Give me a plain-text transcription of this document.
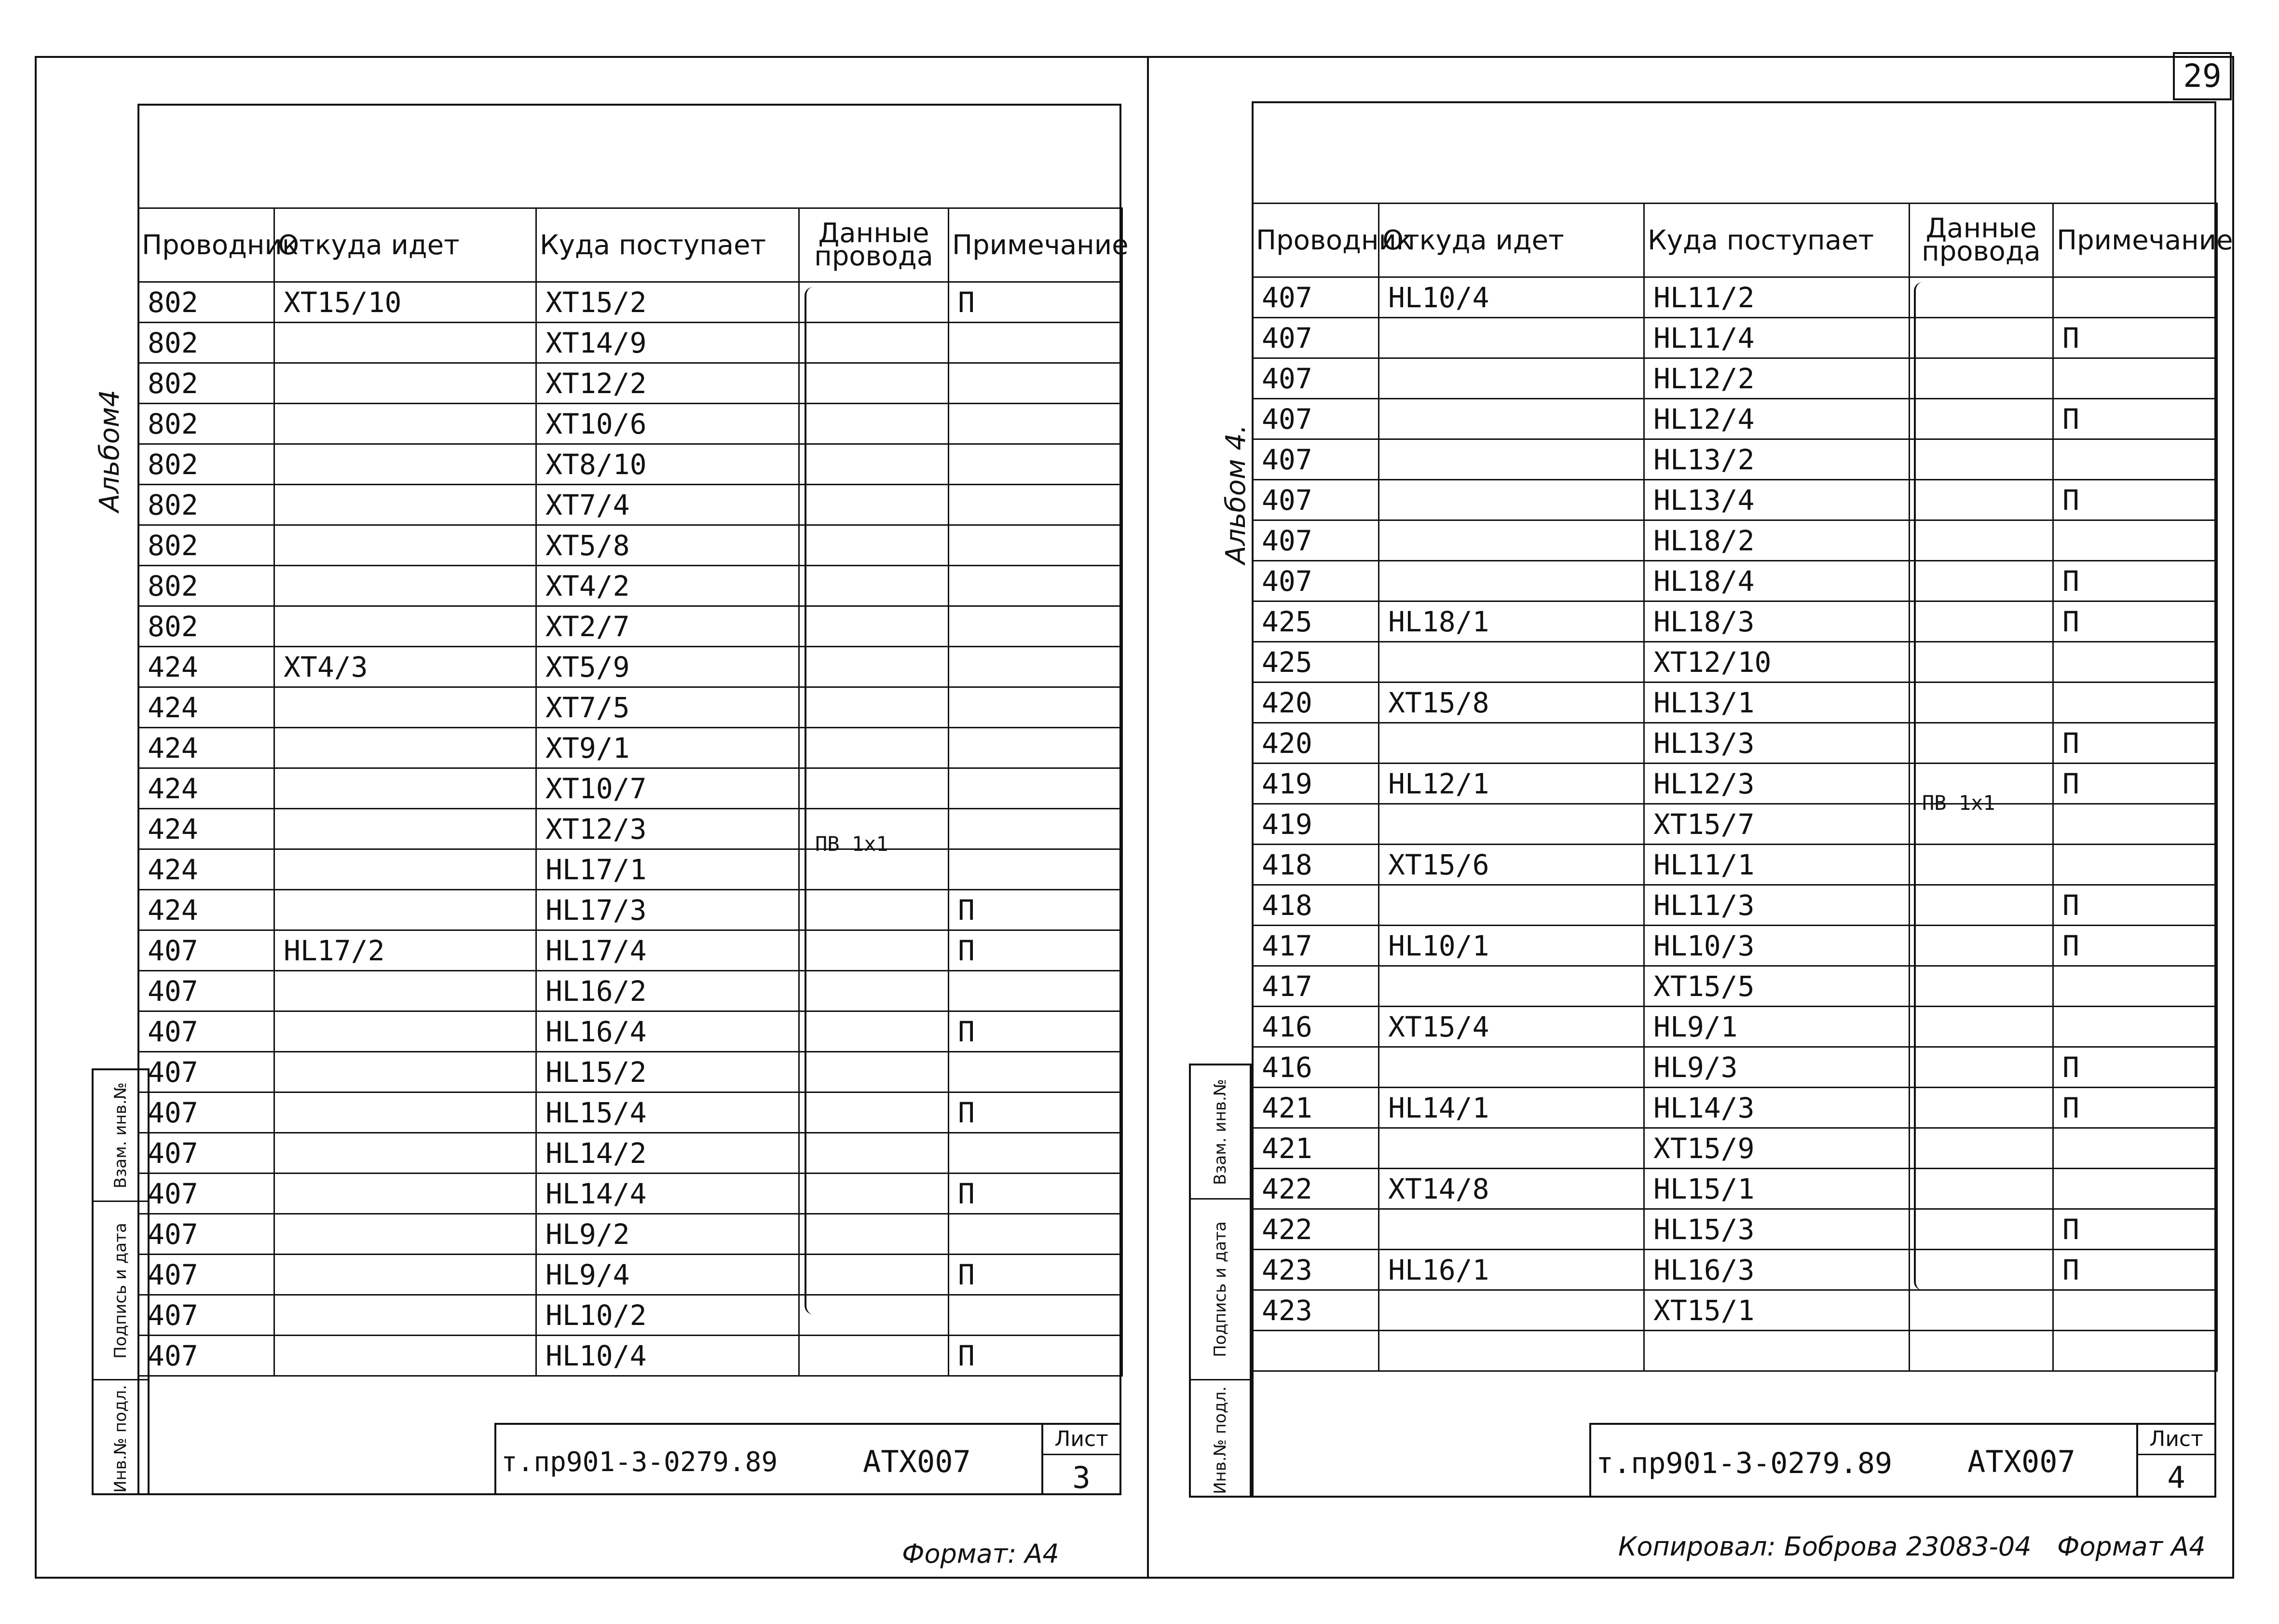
29
Альбом4
Проводник	Откуда идет	Куда поступает	Данные провода	Примечание
802	XT15/10	XT15/2		П
802		XT14/9		
802		XT12/2		
802		XT10/6		
802		XT8/10		
802		XT7/4		
802		XT5/8		
802		XT4/2		
802		XT2/7		
424	XT4/3	XT5/9		
424		XT7/5		
424		XT9/1		
424		XT10/7		
424		XT12/3		
424		HL17/1		
424		HL17/3		П
407	HL17/2	HL17/4		П
407		HL16/2		
407		HL16/4		П
407		HL15/2		
407		HL15/4		П
407		HL14/2		
407		HL14/4		П
407		HL9/2		
407		HL9/4		П
407		HL10/2		
407		HL10/4		П
ПВ 1х1
Взам. инв.№
Подпись и дата
Инв.№ подл.	т.пр901-3-0279.89	АТХ007
Лист
3
Формат: А4
Альбом 4.
Проводник	Откуда идет	Куда поступает	Данные провода	Примечание
407	HL10/4	HL11/2		
407		HL11/4		П
407		HL12/2		
407		HL12/4		П
407		HL13/2		
407		HL13/4		П
407		HL18/2		
407		HL18/4		П
425	HL18/1	HL18/3		П
425		XT12/10		
420	XT15/8	HL13/1		
420		HL13/3		П
419	HL12/1	HL12/3		П
419		XT15/7		
418	XT15/6	HL11/1		
418		HL11/3		П
417	HL10/1	HL10/3		П
417		XT15/5		
416	XT15/4	HL9/1		
416		HL9/3		П
421	HL14/1	HL14/3		П
421		XT15/9		
422	XT14/8	HL15/1		
422		HL15/3		П
423	HL16/1	HL16/3		П
423		XT15/1		

ПВ 1х1
Взам. инв.№
Подпись и дата
Инв.№ подл.	т.пр901-3-0279.89	АТХ007
Лист
4
Копировал: Боброва 23083-04 Формат А4
